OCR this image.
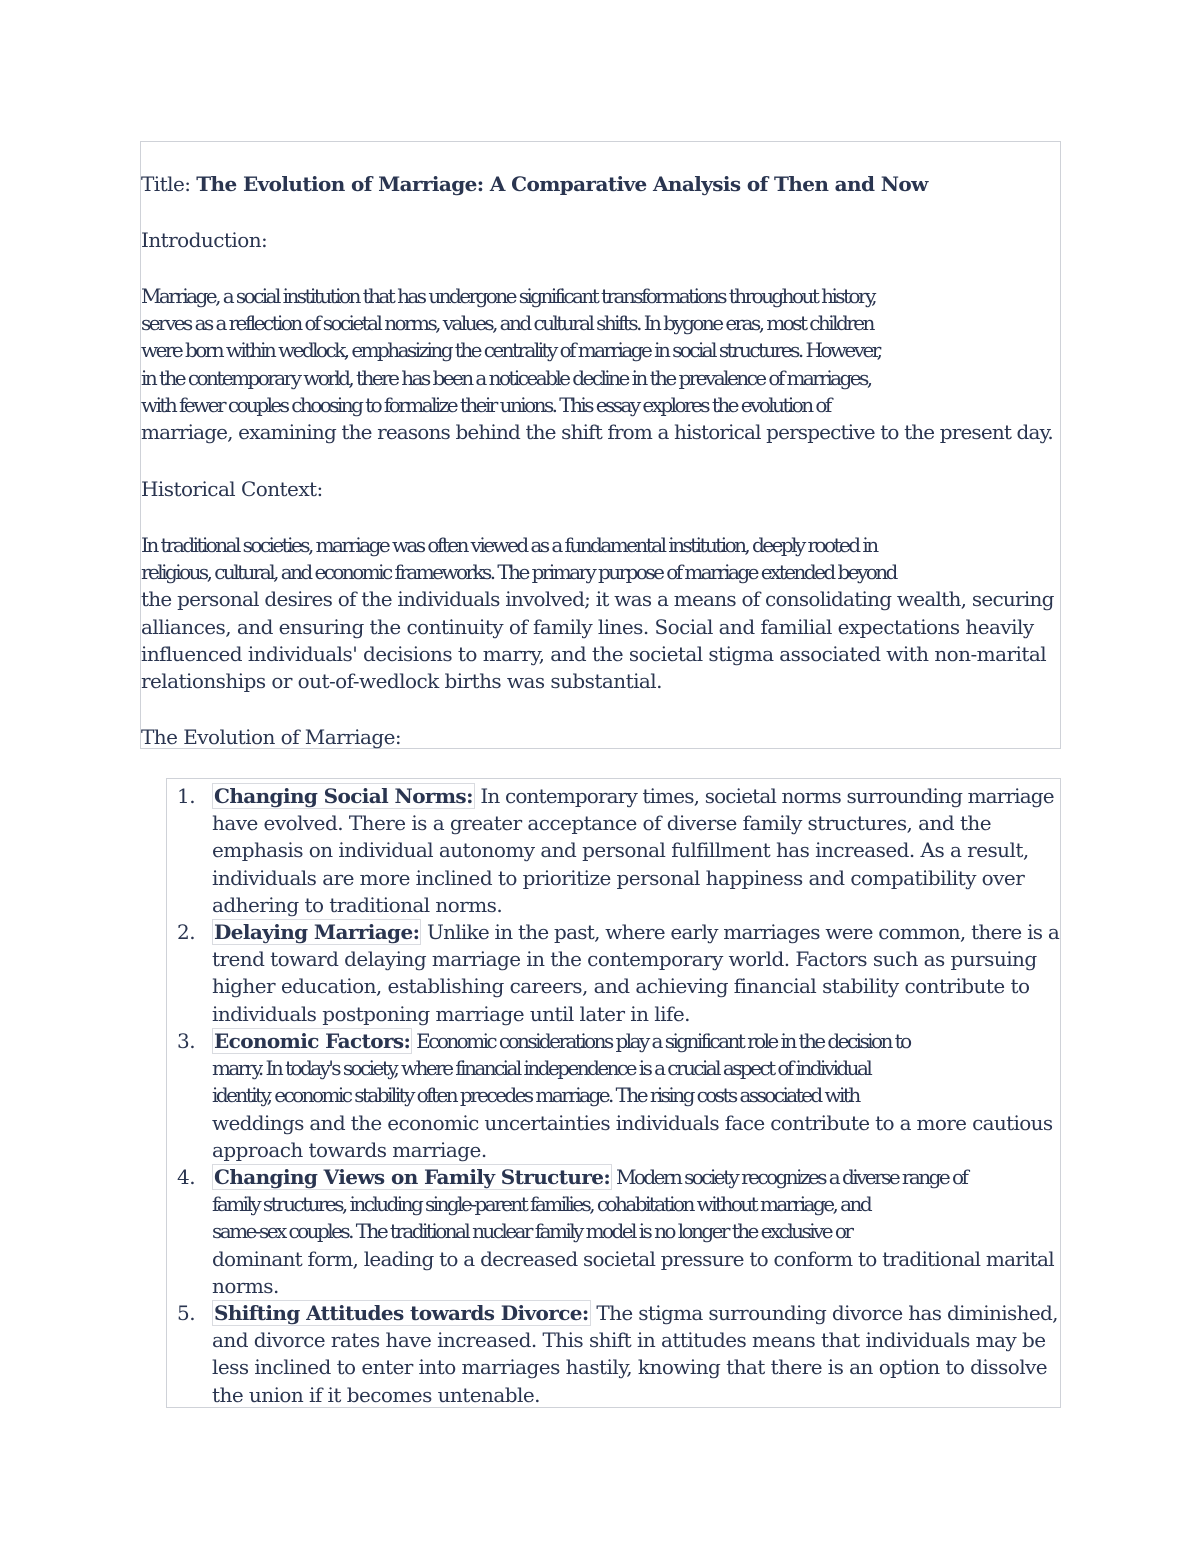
Title: The Evolution of Marriage: A Comparative Analysis of Then and Now

Introduction:

Marriage, a social institution that has undergone significant transformations throughout history,
serves as a reflection of societal norms, values, and cultural shifts. In bygone eras, most children
were born within wedlock, emphasizing the centrality of marriage in social structures. However,
in the contemporary world, there has been a noticeable decline in the prevalence of marriages,
with fewer couples choosing to formalize their unions. This essay explores the evolution of
marriage, examining the reasons behind the shift from a historical perspective to the present day.

Historical Context:

In traditional societies, marriage was often viewed as a fundamental institution, deeply rooted in
religious, cultural, and economic frameworks. The primary purpose of marriage extended beyond
the personal desires of the individuals involved; it was a means of consolidating wealth, securing
alliances, and ensuring the continuity of family lines. Social and familial expectations heavily
influenced individuals' decisions to marry, and the societal stigma associated with non-marital
relationships or out-of-wedlock births was substantial.

The Evolution of Marriage:

1. Changing Social Norms: In contemporary times, societal norms surrounding marriage
have evolved. There is a greater acceptance of diverse family structures, and the
emphasis on individual autonomy and personal fulfillment has increased. As a result,
individuals are more inclined to prioritize personal happiness and compatibility over
adhering to traditional norms.
2. Delaying Marriage: Unlike in the past, where early marriages were common, there is a
trend toward delaying marriage in the contemporary world. Factors such as pursuing
higher education, establishing careers, and achieving financial stability contribute to
individuals postponing marriage until later in life.
3. Economic Factors: Economic considerations play a significant role in the decision to
marry. In today's society, where financial independence is a crucial aspect of individual
identity, economic stability often precedes marriage. The rising costs associated with
weddings and the economic uncertainties individuals face contribute to a more cautious
approach towards marriage.
4. Changing Views on Family Structure: Modern society recognizes a diverse range of
family structures, including single-parent families, cohabitation without marriage, and
same-sex couples. The traditional nuclear family model is no longer the exclusive or
dominant form, leading to a decreased societal pressure to conform to traditional marital
norms.
5. Shifting Attitudes towards Divorce: The stigma surrounding divorce has diminished,
and divorce rates have increased. This shift in attitudes means that individuals may be
less inclined to enter into marriages hastily, knowing that there is an option to dissolve
the union if it becomes untenable.
